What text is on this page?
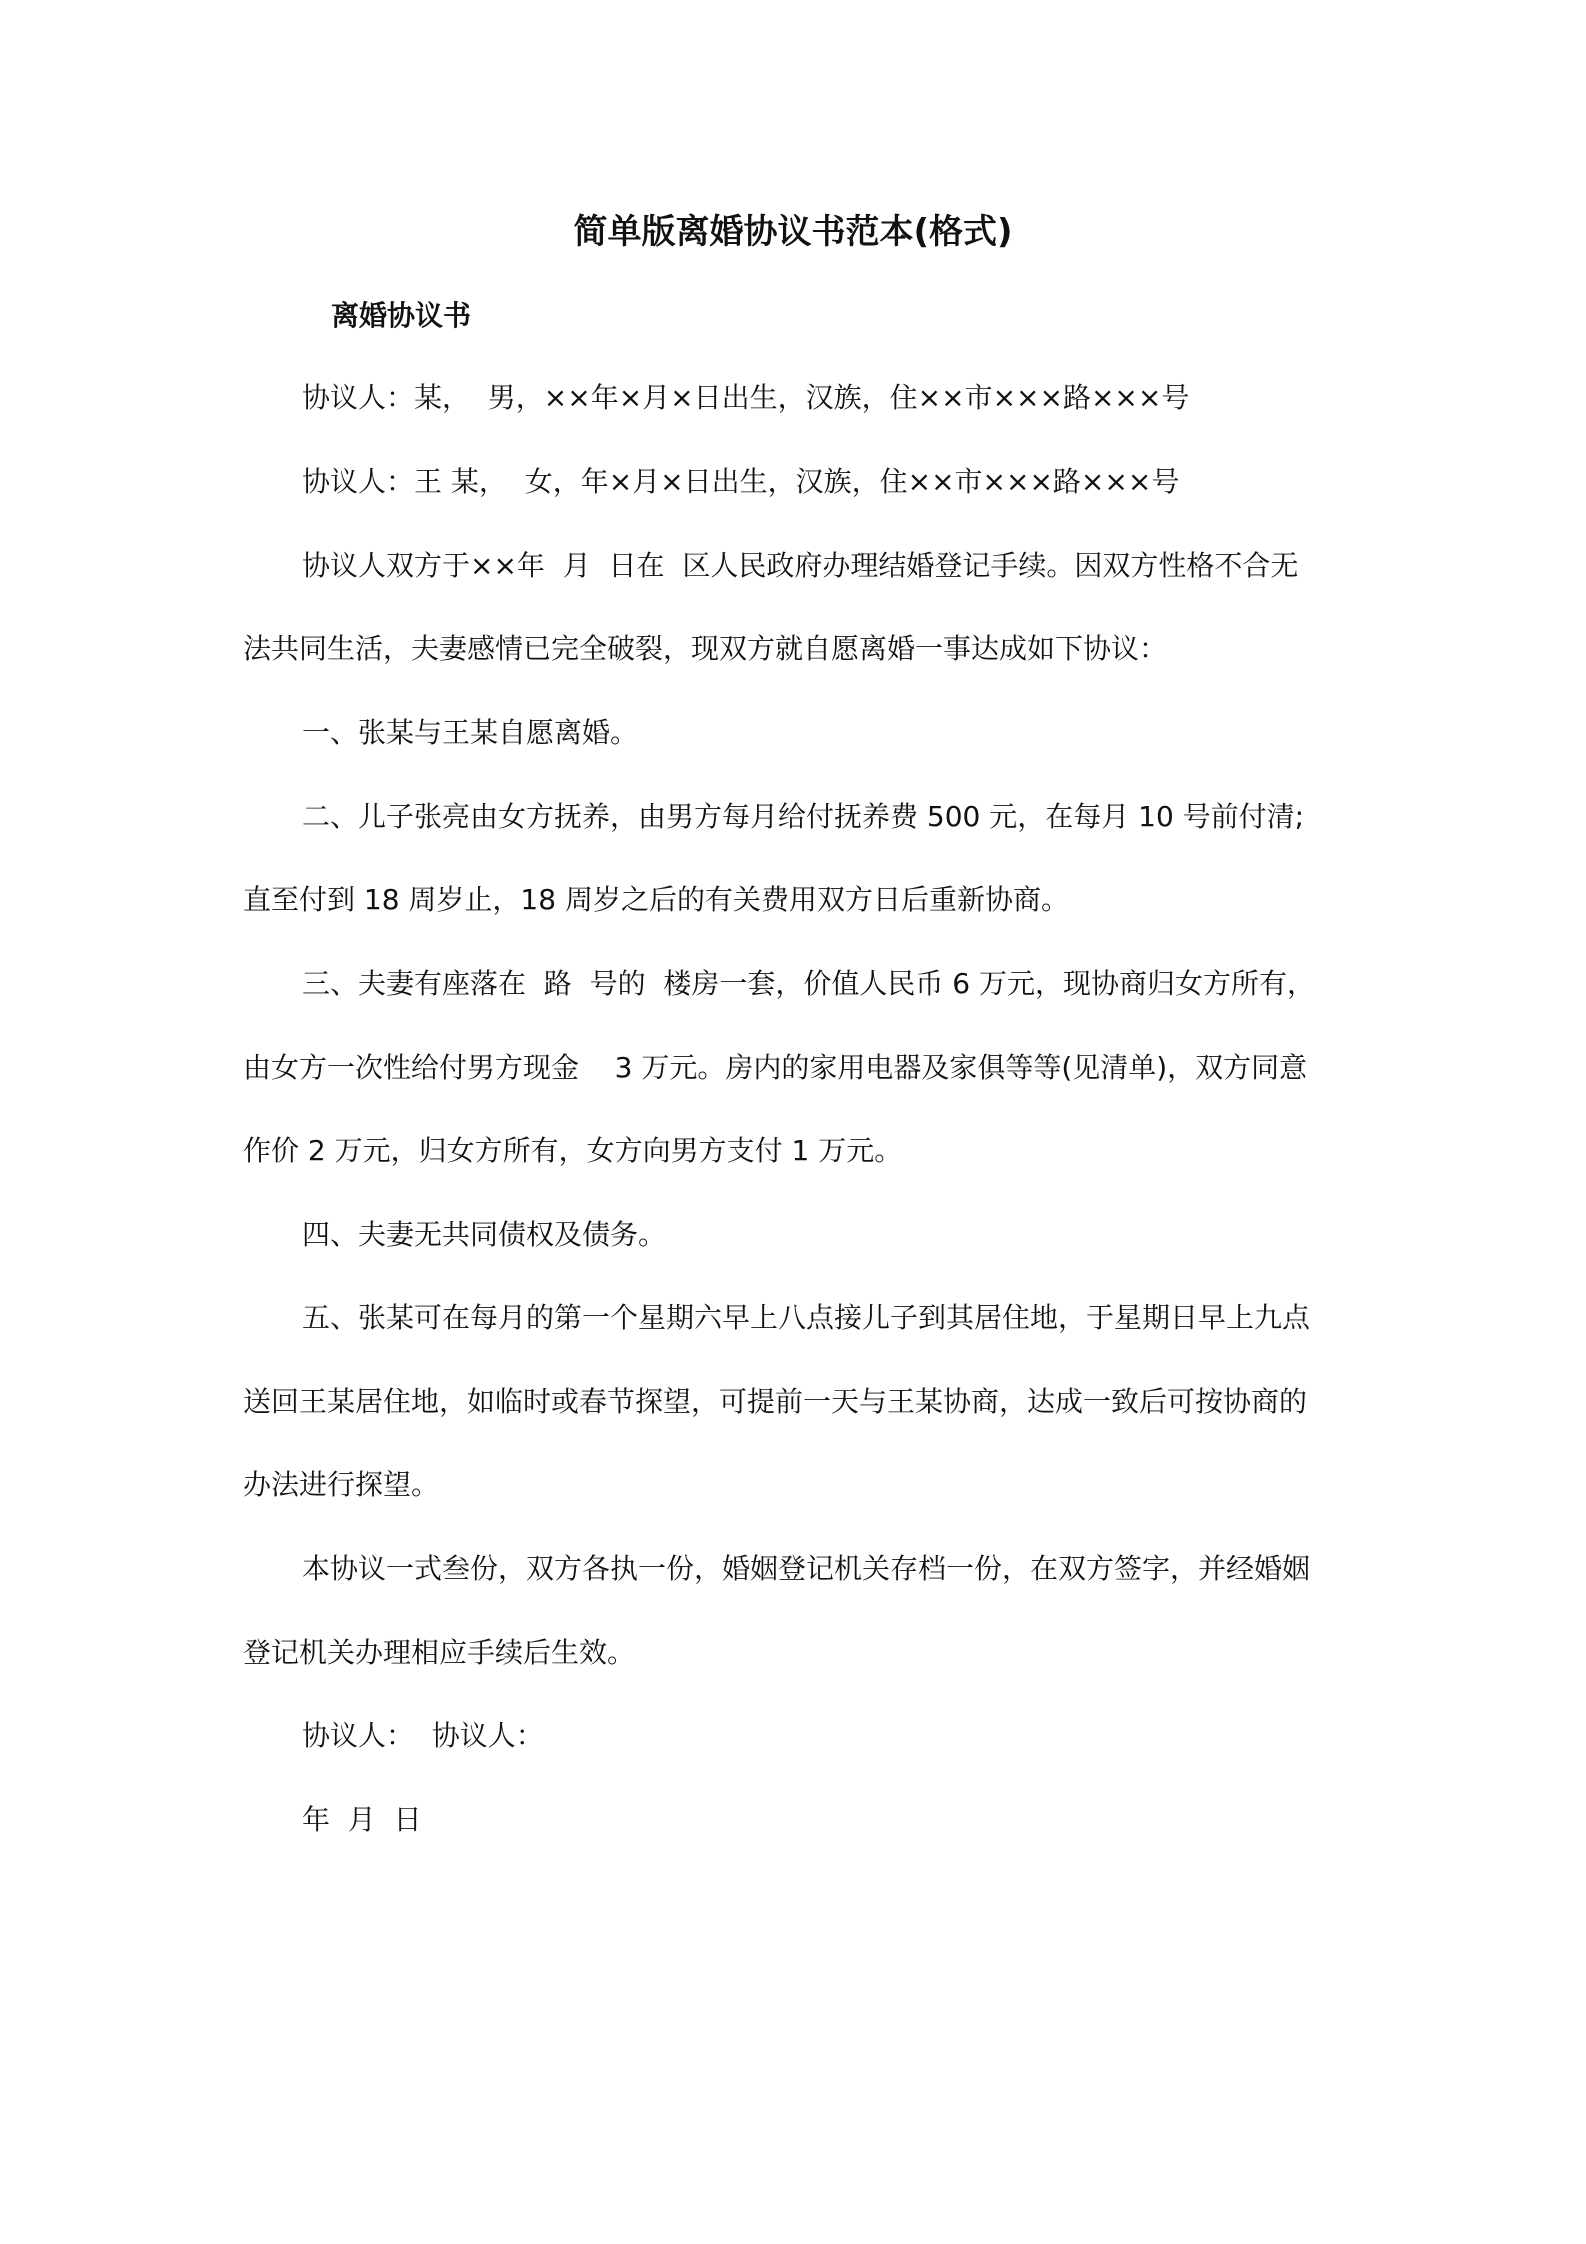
简单版离婚协议书范本(格式)
离婚协议书
协议人：某，  男，××年×月×日出生，汉族，住××市×××路×××号
协议人：王 某，  女，年×月×日出生，汉族，住××市×××路×××号
协议人双方于××年  月  日在  区人民政府办理结婚登记手续。因双方性格不合无
法共同生活，夫妻感情已完全破裂，现双方就自愿离婚一事达成如下协议：
一、张某与王某自愿离婚。
二、儿子张亮由女方抚养，由男方每月给付抚养费 500 元，在每月 10 号前付清;
直至付到 18 周岁止，18 周岁之后的有关费用双方日后重新协商。
三、夫妻有座落在  路  号的  楼房一套，价值人民币 6 万元，现协商归女方所有，
由女方一次性给付男方现金    3 万元。房内的家用电器及家俱等等(见清单)，双方同意
作价 2 万元，归女方所有，女方向男方支付 1 万元。
四、夫妻无共同债权及债务。
五、张某可在每月的第一个星期六早上八点接儿子到其居住地，于星期日早上九点
送回王某居住地，如临时或春节探望，可提前一天与王某协商，达成一致后可按协商的
办法进行探望。
本协议一式叁份，双方各执一份，婚姻登记机关存档一份，在双方签字，并经婚姻
登记机关办理相应手续后生效。
协议人：  协议人：
年  月  日
